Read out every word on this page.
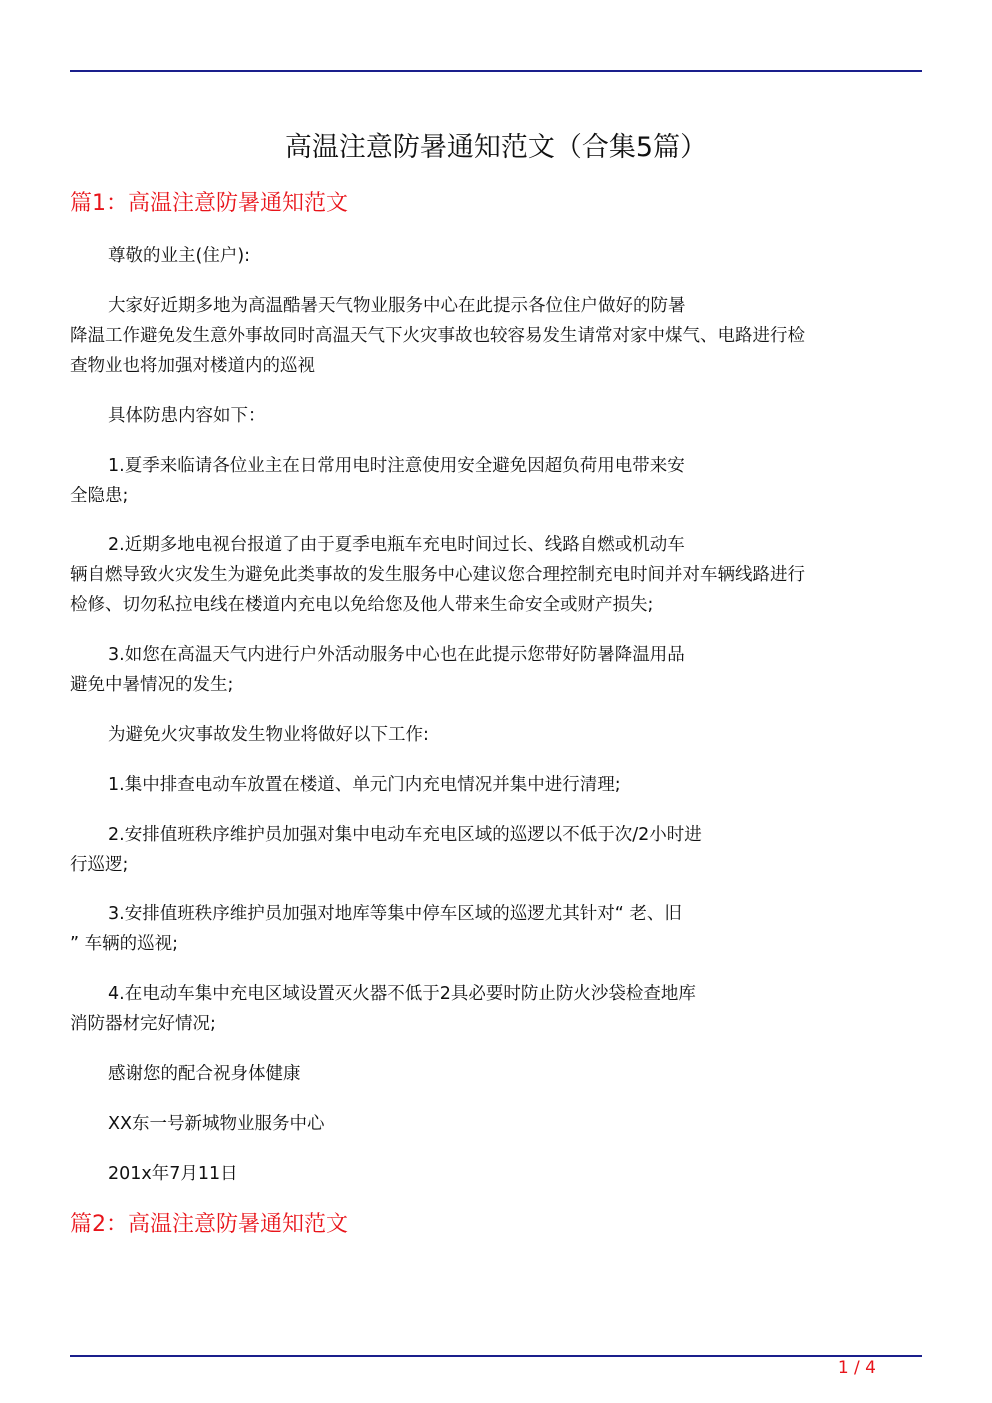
高温注意防暑通知范文（合集5篇）
篇1：高温注意防暑通知范文
尊敬的业主(住户):
大家好近期多地为高温酷暑天气物业服务中心在此提示各位住户做好的防暑
降温工作避免发生意外事故同时高温天气下火灾事故也较容易发生请常对家中煤气、电路进行检
查物业也将加强对楼道内的巡视
具体防患内容如下：
1.夏季来临请各位业主在日常用电时注意使用安全避免因超负荷用电带来安
全隐患;
2.近期多地电视台报道了由于夏季电瓶车充电时间过长、线路自燃或机动车
辆自燃导致火灾发生为避免此类事故的发生服务中心建议您合理控制充电时间并对车辆线路进行
检修、切勿私拉电线在楼道内充电以免给您及他人带来生命安全或财产损失;
3.如您在高温天气内进行户外活动服务中心也在此提示您带好防暑降温用品
避免中暑情况的发生;
为避免火灾事故发生物业将做好以下工作:
1.集中排查电动车放置在楼道、单元门内充电情况并集中进行清理;
2.安排值班秩序维护员加强对集中电动车充电区域的巡逻以不低于次/2小时进
行巡逻;
3.安排值班秩序维护员加强对地库等集中停车区域的巡逻尤其针对“ 老、旧
” 车辆的巡视;
4.在电动车集中充电区域设置灭火器不低于2具必要时防止防火沙袋检查地库
消防器材完好情况;
感谢您的配合祝身体健康
XX东一号新城物业服务中心
201x年7月11日
篇2：高温注意防暑通知范文
1 / 4
